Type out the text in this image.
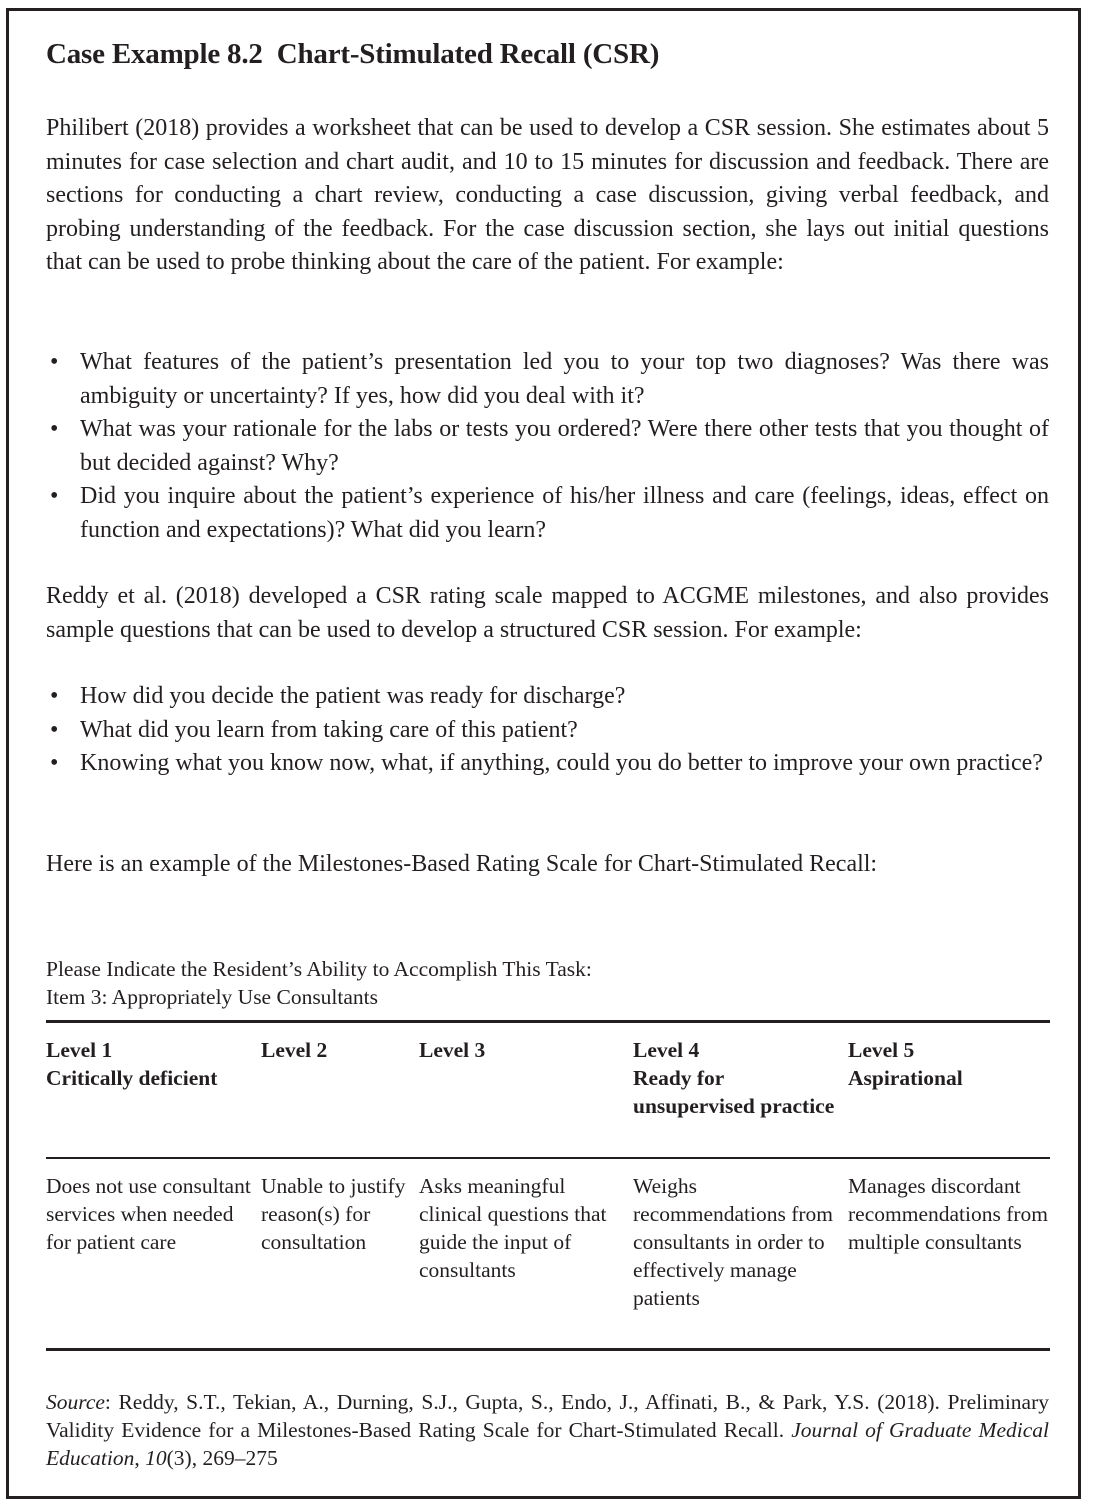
Case Example 8.2 Chart-Stimulated Recall (CSR)

Philibert (2018) provides a worksheet that can be used to develop a CSR session. She estimates about 5 minutes for case selection and chart audit, and 10 to 15 minutes for discussion and feedback. There are sections for conducting a chart review, conducting a case discussion, giving verbal feedback, and probing understanding of the feedback. For the case discussion section, she lays out initial questions that can be used to probe thinking about the care of the patient. For example:

• What features of the patient’s presentation led you to your top two diagnoses? Was there was ambiguity or uncertainty? If yes, how did you deal with it?
• What was your rationale for the labs or tests you ordered? Were there other tests that you thought of but decided against? Why?
• Did you inquire about the patient’s experience of his/her illness and care (feelings, ideas, effect on function and expectations)? What did you learn?

Reddy et al. (2018) developed a CSR rating scale mapped to ACGME milestones, and also provides sample questions that can be used to develop a structured CSR session. For example:

• How did you decide the patient was ready for discharge?
• What did you learn from taking care of this patient?
• Knowing what you know now, what, if anything, could you do better to improve your own practice?

Here is an example of the Milestones-Based Rating Scale for Chart-Stimulated Recall:

Please Indicate the Resident’s Ability to Accomplish This Task:
Item 3: Appropriately Use Consultants

Level 1
Critically deficient
Level 2	Level 3	Level 4
Ready for unsupervised practice
Level 5
Aspirational
Does not use consultant services when needed for patient care
Unable to justify reason(s) for consultation
Asks meaningful clinical questions that guide the input of consultants
Weighs recommendations from consultants in order to effectively manage patients
Manages discordant recommendations from multiple consultants

Source: Reddy, S.T., Tekian, A., Durning, S.J., Gupta, S., Endo, J., Affinati, B., & Park, Y.S. (2018). Preliminary Validity Evidence for a Milestones-Based Rating Scale for Chart-Stimulated Recall. Journal of Graduate Medical Education, 10(3), 269–275
